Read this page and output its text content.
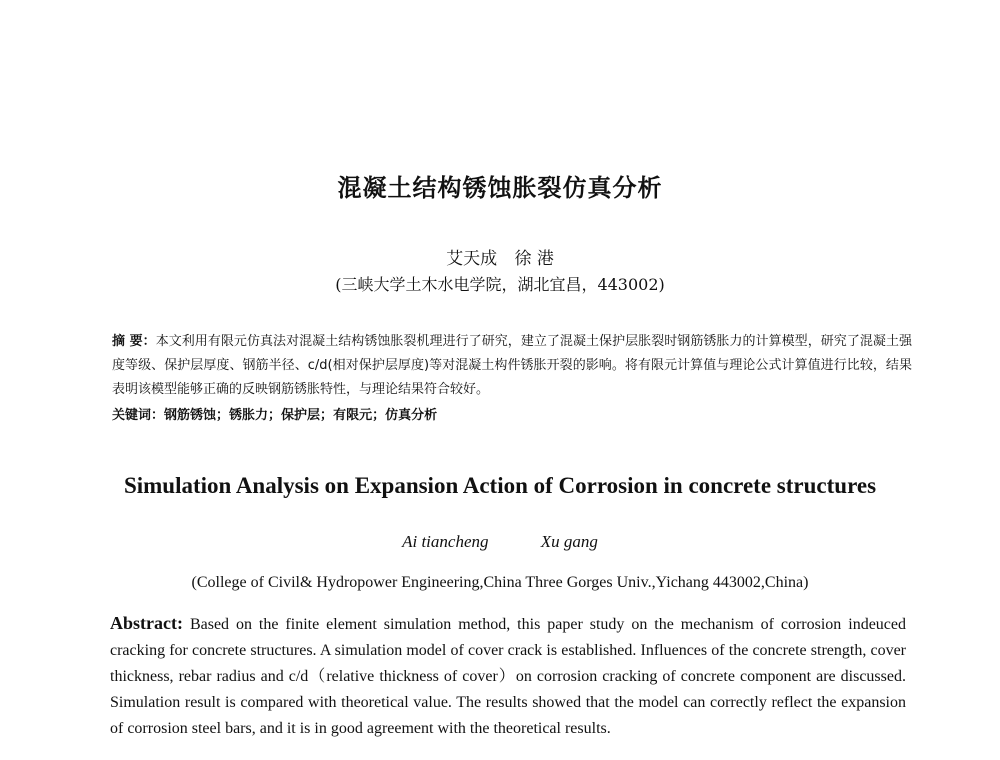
混凝土结构锈蚀胀裂仿真分析
艾天成 徐 港
(三峡大学土木水电学院，湖北宜昌，443002)
摘 要：本文利用有限元仿真法对混凝土结构锈蚀胀裂机理进行了研究，建立了混凝土保护层胀裂时钢筋锈胀力的计算模型，研究了混凝土强度等级、保护层厚度、钢筋半径、c/d(相对保护层厚度)等对混凝土构件锈胀开裂的影响。将有限元计算值与理论公式计算值进行比较，结果表明该模型能够正确的反映钢筋锈胀特性，与理论结果符合较好。
关键词：钢筋锈蚀；锈胀力；保护层；有限元；仿真分析
Simulation Analysis on Expansion Action of Corrosion in concrete structures
Ai tiancheng	Xu gang
(College of Civil& Hydropower Engineering,China Three Gorges Univ.,Yichang 443002,China)
Abstract: Based on the finite element simulation method, this paper study on the mechanism of corrosion indeuced cracking for concrete structures. A simulation model of cover crack is established. Influences of the concrete strength, cover thickness, rebar radius and c/d（relative thickness of cover）on corrosion cracking of concrete component are discussed. Simulation result is compared with theoretical value. The results showed that the model can correctly reflect the expansion of corrosion steel bars, and it is in good agreement with the theoretical results.
